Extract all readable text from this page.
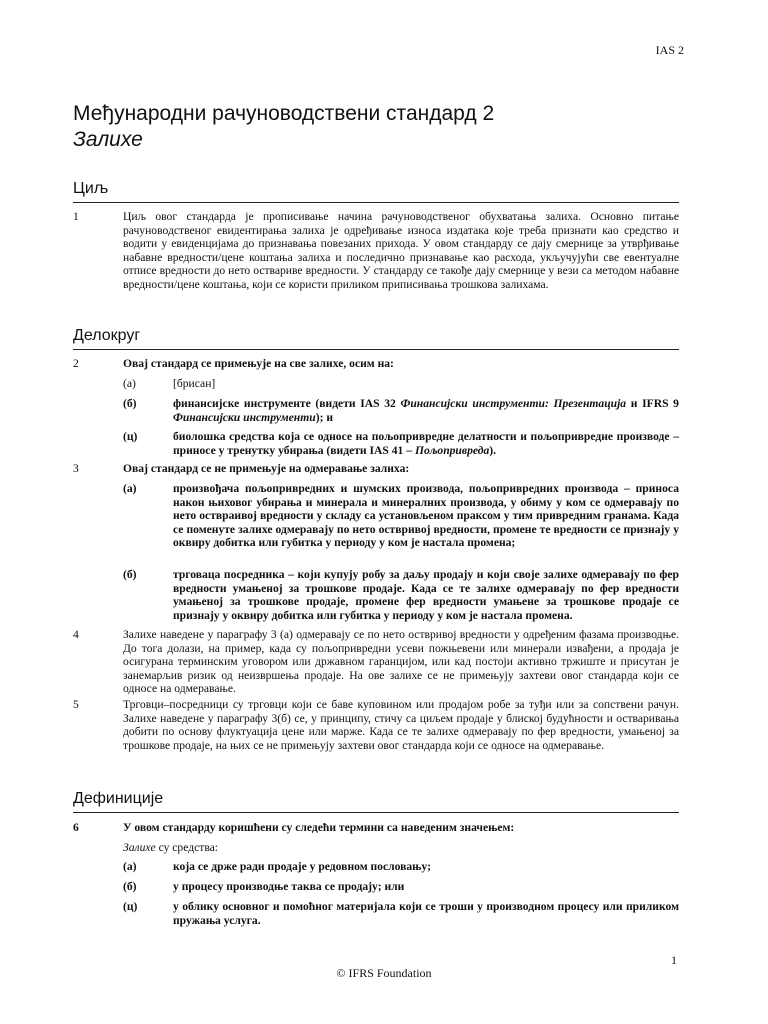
IAS 2
Међународни рачуноводствени стандард 2
Залихе
Циљ
1	Циљ овог стандарда је прописивање начина рачуноводственог обухватања залиха. Основно питање рачуноводственог евидентирања залиха је одређивање износа издатака које треба признати као средство и водити у евиденцијама до признавања повезаних прихода. У овом стандарду се дају смернице за утврђивање набавне вредности/цене коштања залиха и последично признавање као расхода, укључујући све евентуалне отписе вредности до нето оствариве вредности. У стандарду се такође дају смернице у вези са методом набавне вредности/цене коштања, који се користи приликом приписивања трошкова залихама.
Делокруг
2	Овај стандард се примењује на све залихе, осим на:
(а)	[брисан]
(б)	финансијске инструменте (видети IAS 32 Финансијски инструменти: Презентација и IFRS 9 Финансијски инструменти); и
(ц)	биолошка средства која се односе на пољопривредне делатности и пољопривредне производе – приносе у тренутку убирања (видети IAS 41 – Пољопривреда).
3	Овај стандард се не примењује на одмеравање залиха:
(а)	произвођача пољопривредних и шумских производа, пољопривредних производа – приноса након њиховог убирања и минерала и минералних производа, у обиму у ком се одмеравају по нето оствраивој вредности у складу са установљеном праксом у тим привредним гранама. Када се поменуте залихе одмеравају по нето оствривој вредности, промене те вредности се признају у оквиру добитка или губитка у периоду у ком је настала промена;
(б)	трговаца посредника – који купују робу за даљу продају и који своје залихе одмеравају по фер вредности умањеној за трошкове продаје. Када се те залихе одмеравају по фер вредности умањеној за трошкове продаје, промене фер вредности умањене за трошкове продаје се признају у оквиру добитка или губитка у периоду у ком је настала промена.
4	Залихе наведене у параграфу 3 (а) одмеравају се по нето оствривој вредности у одређеним фазама производње. До тога долази, на пример, када су пољопривредни усеви пожњевени или минерали извађени, а продаја је осигурана терминским уговором или државном гаранцијом, или кад постоји активно тржиште и присутан је занемарљив ризик од неизвршења продаје. На ове залихе се не примењују захтеви овог стандарда који се односе на одмеравање.
5	Трговци–посредници су трговци који се баве куповином или продајом робе за туђи или за сопствени рачун. Залихе наведене у параграфу 3(б) се, у принципу, стичу са циљем продаје у блиској будућности и остваривања добити по основу флуктуација цене или марже. Када се те залихе одмеравају по фер вредности, умањеној за трошкове продаје, на њих се не примењују захтеви овог стандарда који се односе на одмеравање.
Дефиниције
6	У овом стандарду коришћени су следећи термини са наведеним значењем:
Залихе су средства:
(а)	која се држе ради продаје у редовном пословању;
(б)	у процесу производње таква се продају; или
(ц)	у облику основног и помоћног материјала који се троши у производном процесу или приликом пружања услуга.
1
© IFRS Foundation
